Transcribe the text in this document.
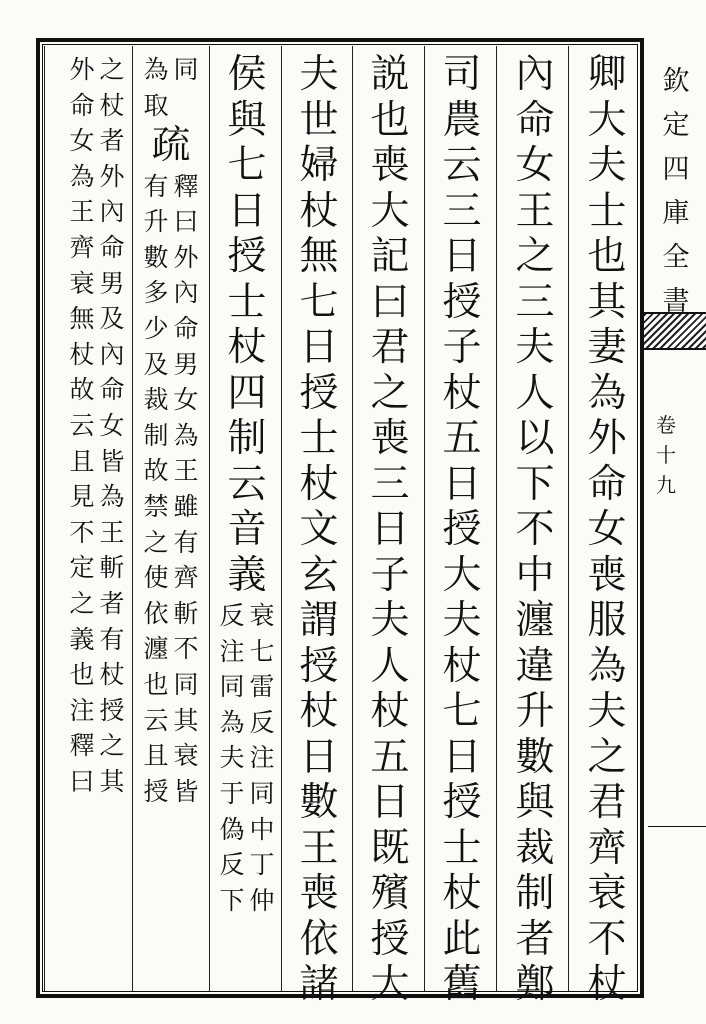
欽
定
四
庫
全
書
卷
十
九
卿
大
夫
士
也
其
妻
為
外
命
女
喪
服
為
夫
之
君
齊
衰
不
杖
內
命
女
王
之
三
夫
人
以
下
不
中
瀍
違
升
數
與
裁
制
者
鄭
司
農
云
三
日
授
子
杖
五
日
授
大
夫
杖
七
日
授
士
杖
此
舊
説
也
喪
大
記
曰
君
之
喪
三
日
子
夫
人
杖
五
日
既
殯
授
大
夫
世
婦
杖
無
七
日
授
士
杖
文
玄
謂
授
杖
日
數
王
喪
依
諸
侯
與
七
日
授
士
杖
四
制
云
音
義
衰
七
雷
反
注
同
中
丁
仲
反
注
同
為
夫
于
偽
反
下
同
為
取
疏
釋
曰
外
內
命
男
女
為
王
雖
有
齊
斬
不
同
其
衰
皆
有
升
數
多
少
及
裁
制
故
禁
之
使
依
瀍
也
云
且
授
之
杖
者
外
內
命
男
及
內
命
女
皆
為
王
斬
者
有
杖
授
之
其
外
命
女
為
王
齊
衰
無
杖
故
云
且
見
不
定
之
義
也
注
釋
曰
